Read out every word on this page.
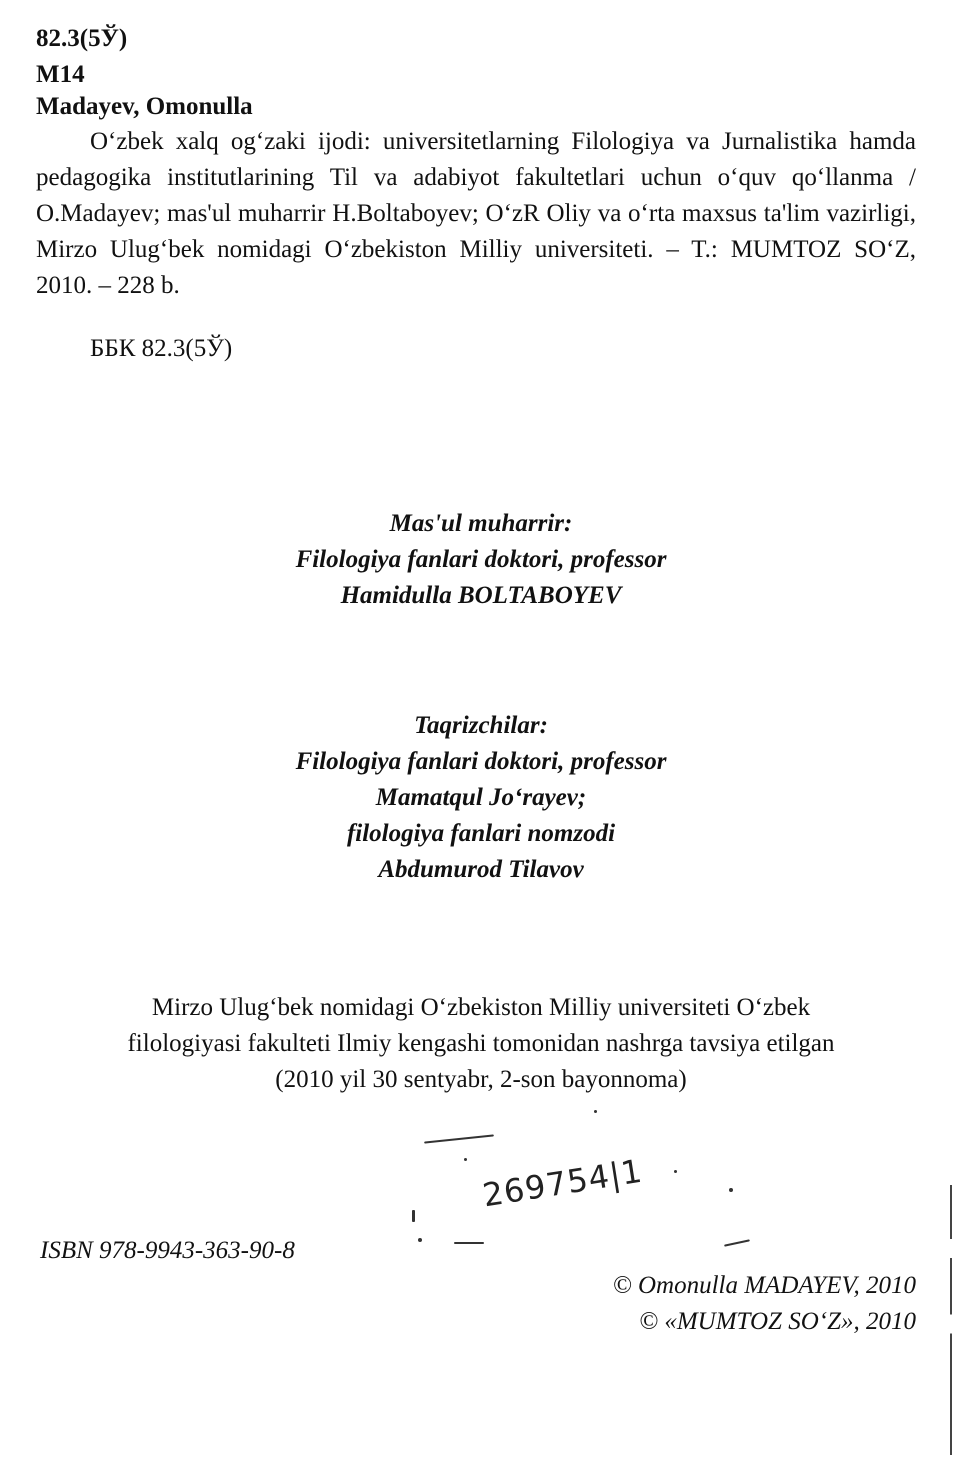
82.3(5Ў)
M14
Madayev, Omonulla

O‘zbek xalq og‘zaki ijodi: universitetlarning Filologiya va Jurnalistika hamda pedagogika institutlarining Til va adabiyot fakultetlari uchun o‘quv qo‘llanma / O.Madayev; mas'ul muharrir H.Boltaboyev; O‘zR Oliy va o‘rta maxsus ta'lim vazirligi, Mirzo Ulug‘bek nomidagi O‘zbekiston Milliy universiteti. – T.: MUMTOZ SO‘Z, 2010. – 228 b.

ББК 82.3(5Ў)
Mas'ul muharrir:
Filologiya fanlari doktori, professor
Hamidulla BOLTABOYEV
Taqrizchilar:
Filologiya fanlari doktori, professor
Mamatqul Jo‘rayev;
filologiya fanlari nomzodi
Abdumurod Tilavov
Mirzo Ulug‘bek nomidagi O‘zbekiston Milliy universiteti O‘zbek
filologiyasi fakulteti Ilmiy kengashi tomonidan nashrga tavsiya etilgan
(2010 yil 30 sentyabr, 2-son bayonnoma)
269754|1
ISBN 978-9943-363-90-8
© Omonulla MADAYEV, 2010
© «MUMTOZ SO‘Z», 2010
